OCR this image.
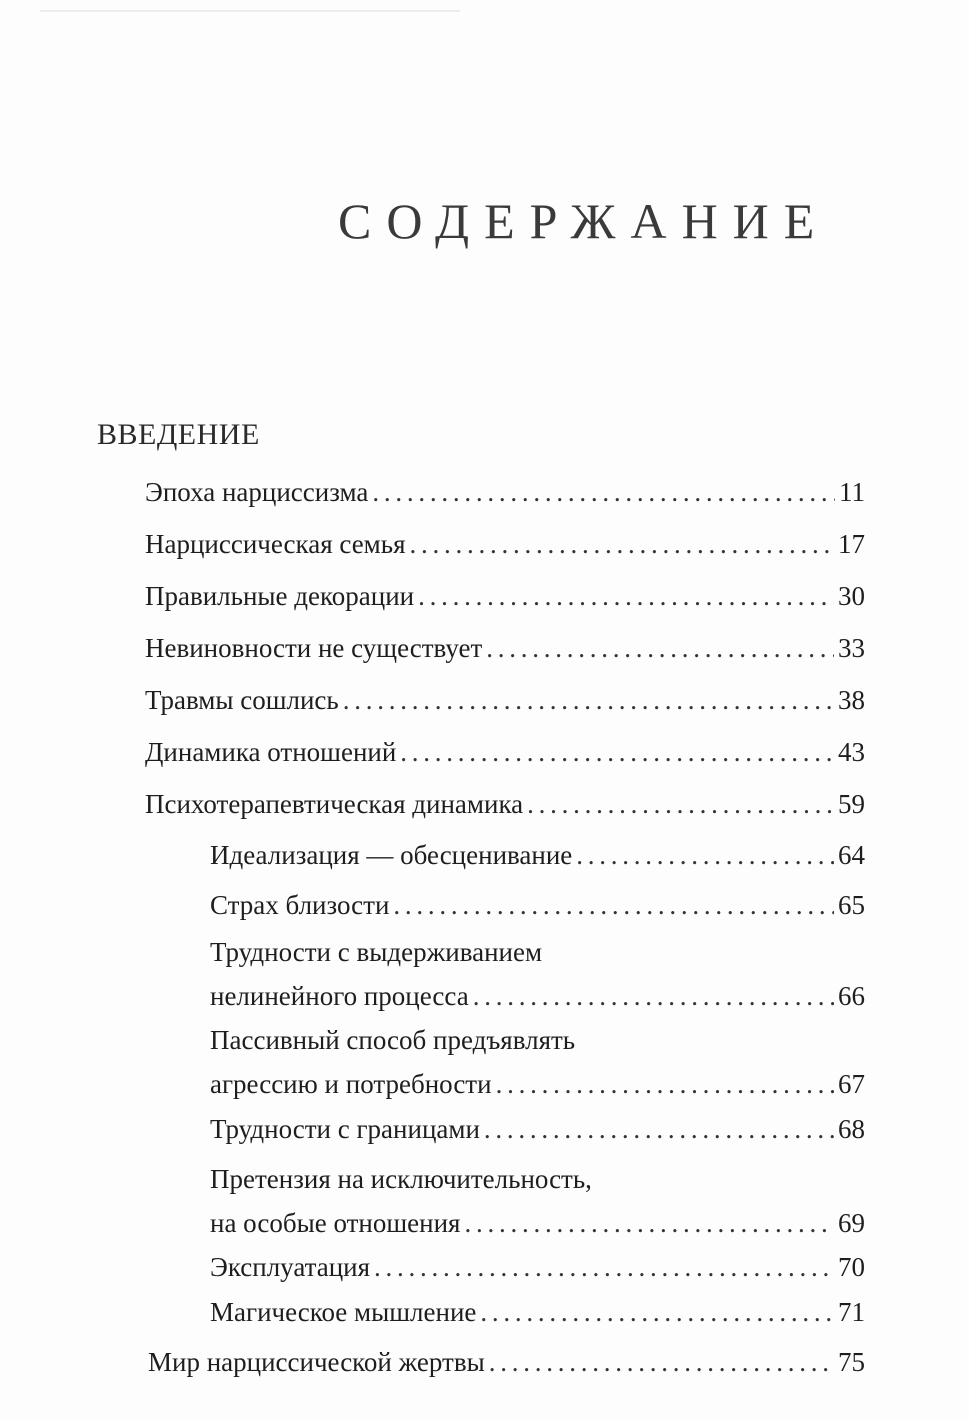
СОДЕРЖАНИЕ
ВВЕДЕНИЕ
Эпоха нарциссизма . . .	11
Нарциссическая семья . . .	17
Правильные декорации . . .	30
Невиновности не существует . . .	33
Травмы сошлись . . .	38
Динамика отношений . . .	43
Психотерапевтическая динамика . . .	59
Идеализация — обесценивание . . .	64
Страх близости . . .	65
Трудности с выдерживанием
нелинейного процесса . . .	66
Пассивный способ предъявлять
агрессию и потребности . . .	67
Трудности с границами . . .	68
Претензия на исключительность,
на особые отношения . . .	69
Эксплуатация . . .	70
Магическое мышление . . .	71
Мир нарциссической жертвы . . .	75
